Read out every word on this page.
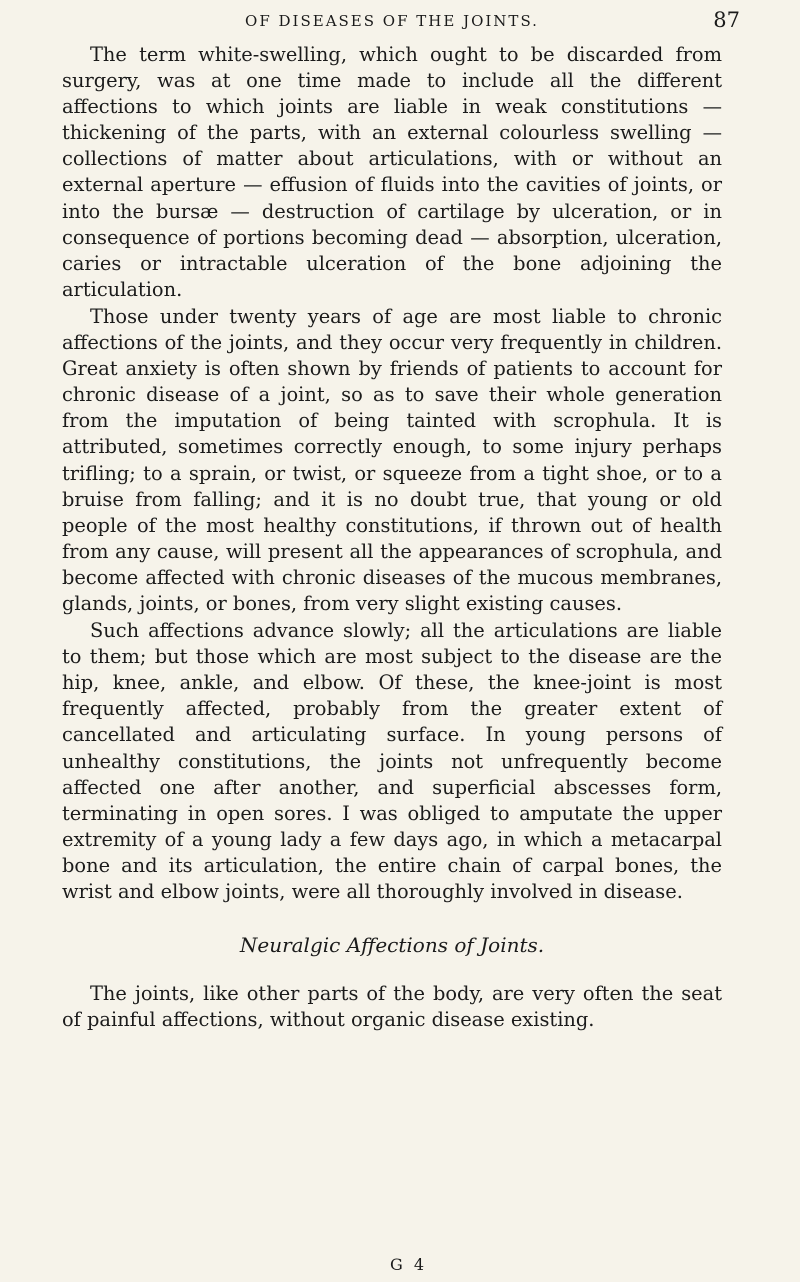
OF DISEASES OF THE JOINTS.	87

The term white-swelling, which ought to be discarded from surgery, was at one time made to include all the different affections to which joints are liable in weak constitutions — thickening of the parts, with an external colourless swelling — collections of matter about articulations, with or without an external aperture — effusion of fluids into the cavities of joints, or into the bursæ — destruction of cartilage by ulceration, or in consequence of portions becoming dead — absorption, ulceration, caries or intractable ulceration of the bone adjoining the articulation.

Those under twenty years of age are most liable to chronic affections of the joints, and they occur very frequently in children. Great anxiety is often shown by friends of patients to account for chronic disease of a joint, so as to save their whole generation from the imputation of being tainted with scrophula. It is attributed, sometimes correctly enough, to some injury perhaps trifling; to a sprain, or twist, or squeeze from a tight shoe, or to a bruise from falling; and it is no doubt true, that young or old people of the most healthy constitutions, if thrown out of health from any cause, will present all the appearances of scrophula, and become affected with chronic diseases of the mucous membranes, glands, joints, or bones, from very slight existing causes.

Such affections advance slowly; all the articulations are liable to them; but those which are most subject to the disease are the hip, knee, ankle, and elbow. Of these, the knee-joint is most frequently affected, probably from the greater extent of cancellated and articulating surface. In young persons of unhealthy constitutions, the joints not unfrequently become affected one after another, and superficial abscesses form, terminating in open sores. I was obliged to amputate the upper extremity of a young lady a few days ago, in which a metacarpal bone and its articulation, the entire chain of carpal bones, the wrist and elbow joints, were all thoroughly involved in disease.

Neuralgic Affections of Joints.

The joints, like other parts of the body, are very often the seat of painful affections, without organic disease existing.

G 4
